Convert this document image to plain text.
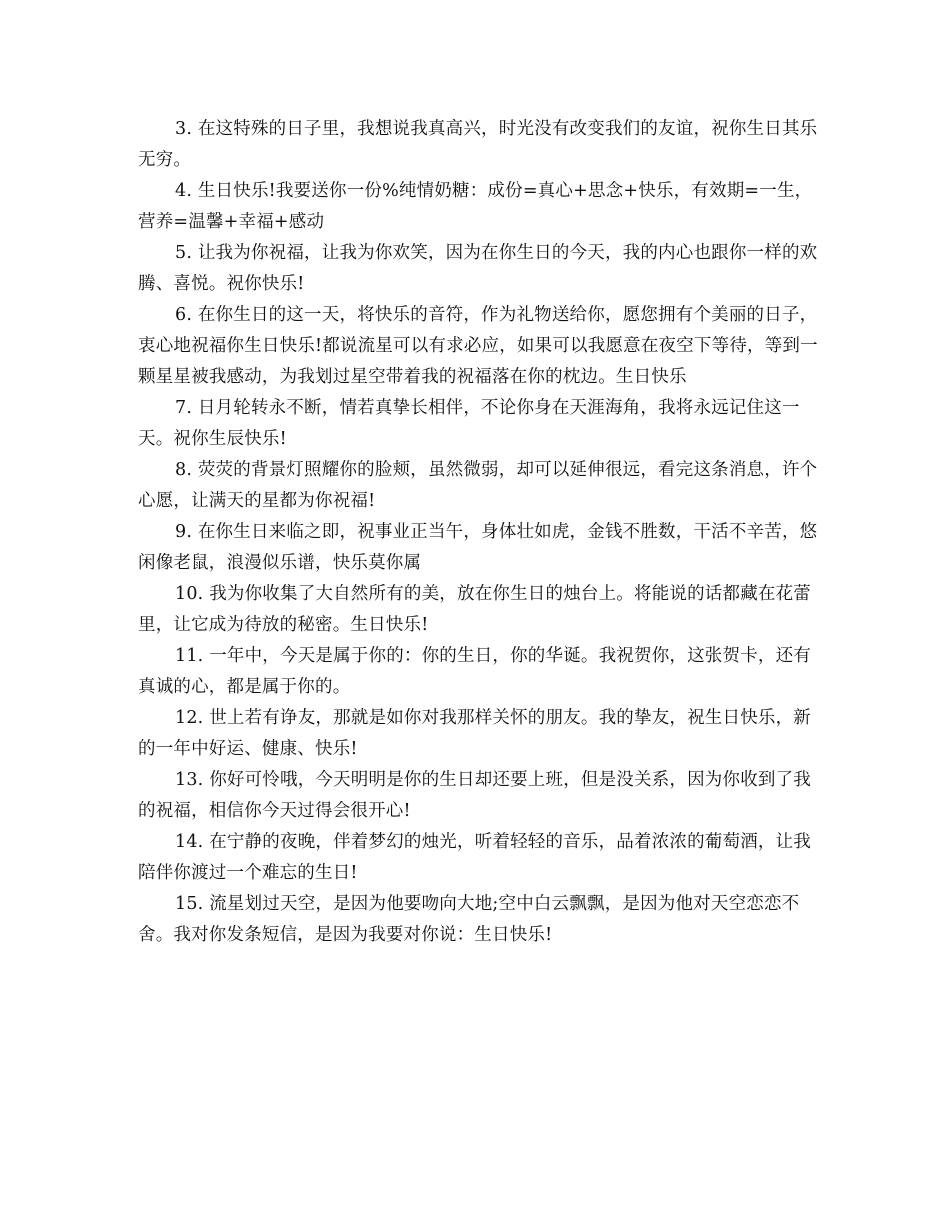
3. 在这特殊的日子里，我想说我真高兴，时光没有改变我们的友谊，祝你生日其乐无穷。

4. 生日快乐!我要送你一份%纯情奶糖：成份=真心+思念+快乐，有效期=一生，营养=温馨+幸福+感动

5. 让我为你祝福，让我为你欢笑，因为在你生日的今天，我的内心也跟你一样的欢腾、喜悦。祝你快乐!

6. 在你生日的这一天，将快乐的音符，作为礼物送给你，愿您拥有个美丽的日子，衷心地祝福你生日快乐!都说流星可以有求必应，如果可以我愿意在夜空下等待，等到一颗星星被我感动，为我划过星空带着我的祝福落在你的枕边。生日快乐

7. 日月轮转永不断，情若真挚长相伴，不论你身在天涯海角，我将永远记住这一天。祝你生辰快乐!

8. 荧荧的背景灯照耀你的脸颊，虽然微弱，却可以延伸很远，看完这条消息，许个心愿，让满天的星都为你祝福!

9. 在你生日来临之即，祝事业正当午，身体壮如虎，金钱不胜数，干活不辛苦，悠闲像老鼠，浪漫似乐谱，快乐莫你属

10. 我为你收集了大自然所有的美，放在你生日的烛台上。将能说的话都藏在花蕾里，让它成为待放的秘密。生日快乐!

11. 一年中，今天是属于你的：你的生日，你的华诞。我祝贺你，这张贺卡，还有真诚的心，都是属于你的。

12. 世上若有诤友，那就是如你对我那样关怀的朋友。我的挚友，祝生日快乐，新的一年中好运、健康、快乐!

13. 你好可怜哦，今天明明是你的生日却还要上班，但是没关系，因为你收到了我的祝福，相信你今天过得会很开心!

14. 在宁静的夜晚，伴着梦幻的烛光，听着轻轻的音乐，品着浓浓的葡萄酒，让我陪伴你渡过一个难忘的生日!

15. 流星划过天空，是因为他要吻向大地;空中白云飘飘，是因为他对天空恋恋不舍。我对你发条短信，是因为我要对你说：生日快乐!
